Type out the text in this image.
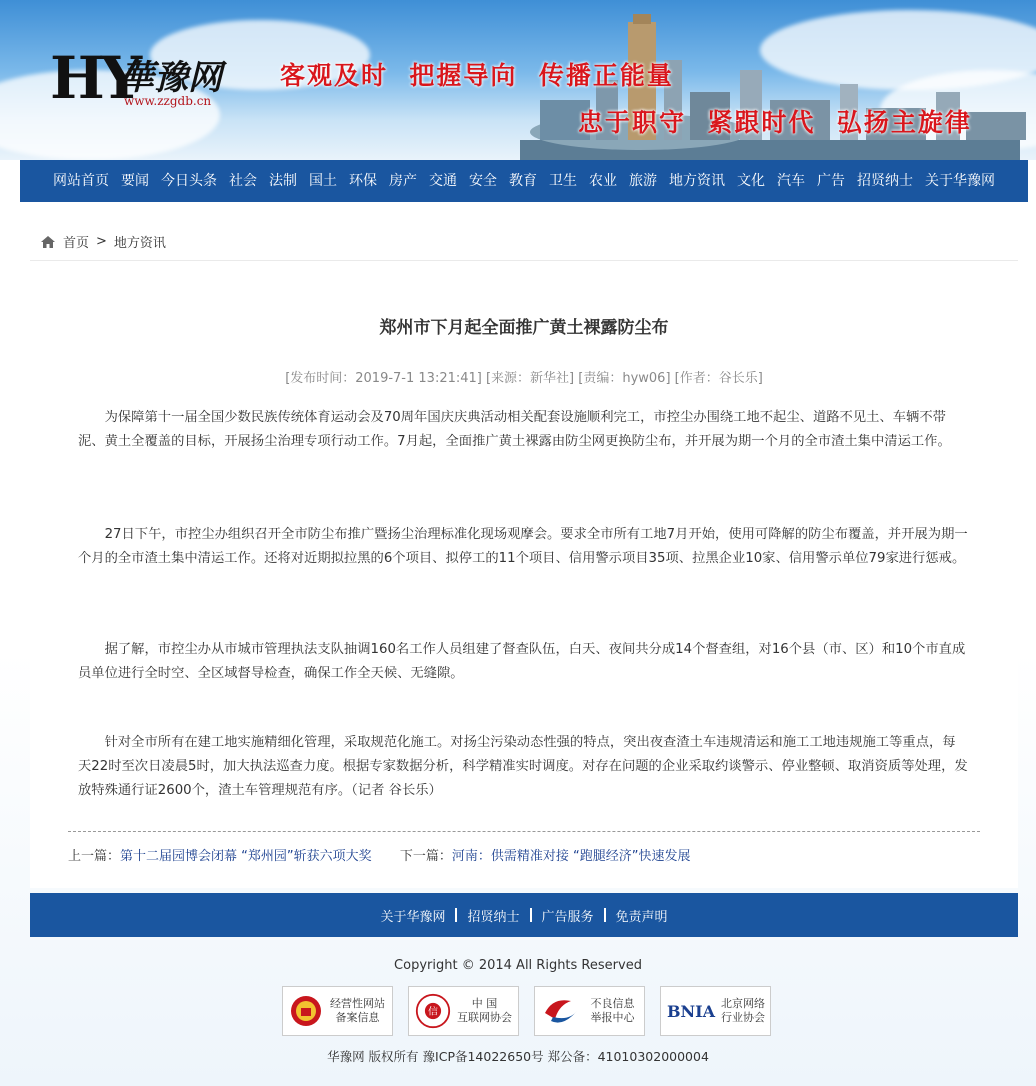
HY
華豫网
www.zzgdb.cn
客观及时  把握导向  传播正能量
忠于职守  紧跟时代  弘扬主旋律
网站首页 要闻 今日头条 社会 法制 国土 环保 房产 交通 安全 教育 卫生 农业 旅游 地方资讯 文化 汽车 广告 招贤纳士 关于华豫网
首页 > 地方资讯
郑州市下月起全面推广黄土裸露防尘布
[发布时间：2019-7-1 13:21:41] [来源：新华社] [责编：hyw06] [作者：谷长乐]

为保障第十一届全国少数民族传统体育运动会及70周年国庆庆典活动相关配套设施顺利完工，市控尘办围绕工地不起尘、道路不见土、车辆不带泥、黄土全覆盖的目标，开展扬尘治理专项行动工作。7月起，全面推广黄土裸露由防尘网更换防尘布，并开展为期一个月的全市渣土集中清运工作。

27日下午，市控尘办组织召开全市防尘布推广暨扬尘治理标准化现场观摩会。要求全市所有工地7月开始，使用可降解的防尘布覆盖，并开展为期一个月的全市渣土集中清运工作。还将对近期拟拉黑的6个项目、拟停工的11个项目、信用警示项目35项、拉黑企业10家、信用警示单位79家进行惩戒。

据了解，市控尘办从市城市管理执法支队抽调160名工作人员组建了督查队伍，白天、夜间共分成14个督查组，对16个县（市、区）和10个市直成员单位进行全时空、全区域督导检查，确保工作全天候、无缝隙。

针对全市所有在建工地实施精细化管理，采取规范化施工。对扬尘污染动态性强的特点，突出夜查渣土车违规清运和施工工地违规施工等重点，每天22时至次日凌晨5时，加大执法巡查力度。根据专家数据分析，科学精准实时调度。对存在问题的企业采取约谈警示、停业整顿、取消资质等处理，发放特殊通行证2600个，渣土车管理规范有序。（记者 谷长乐）

上一篇：第十二届园博会闭幕 “郑州园”斩获六项大奖 下一篇：河南：供需精准对接 “跑腿经济”快速发展
关于华豫网	招贤纳士	广告服务	免责声明
Copyright © 2014 All Rights Reserved
经营性网站
备案信息	信
中 国
互联网协会
不良信息
举报中心 BNIA 北京网络
行业协会
华豫网 版权所有 豫ICP备14022650号 郑公备：41010302000004
